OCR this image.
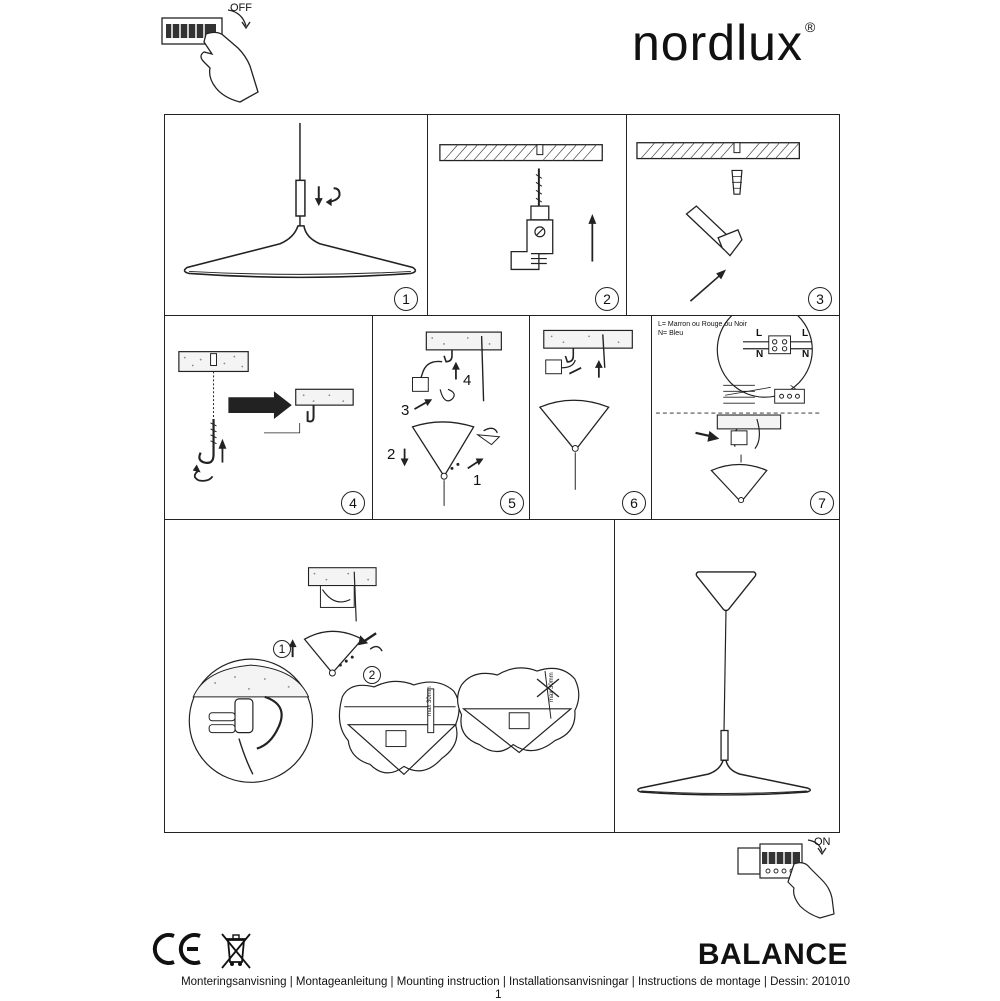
OFF
nordlux ®
1	2	3
4
4
3
2
1
5	6
L= Marron ou Rouge ou Noir
N= Bleu	L
N
L
N
7
1
2
max 30mm	max 30mm
ON
BALANCE
Monteringsanvisning | Montageanleitung | Mounting instruction | Installationsanvisningar | Instructions de montage | Dessin: 201010
1
